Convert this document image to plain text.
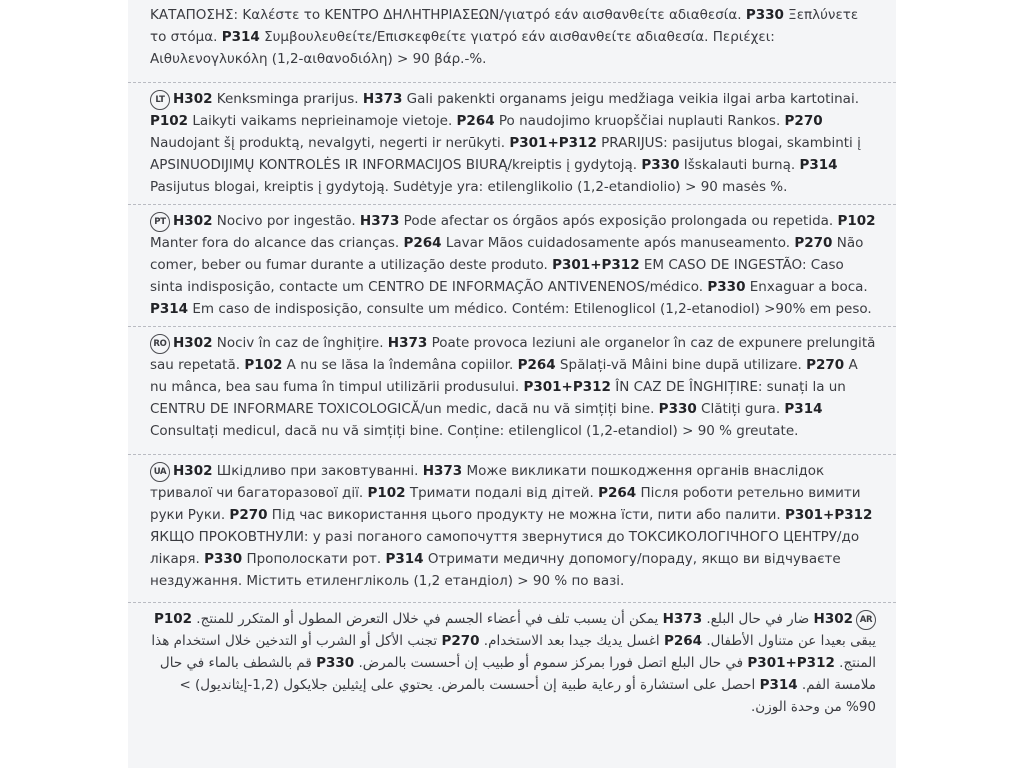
ΚΑΤΑΠΟΣΗΣ: Καλέστε το ΚΕΝΤΡΟ ΔΗΛΗΤΗΡΙΑΣΕΩΝ/γιατρό εάν αισθανθείτε αδιαθεσία. P330 Ξεπλύνετε το στόμα. P314 Συμβουλευθείτε/Επισκεφθείτε γιατρό εάν αισθανθείτε αδιαθεσία. Περιέχει: Αιθυλενογλυκόλη (1,2-αιθανοδιόλη) > 90 βάρ.-%.

LT H302 Kenksminga prarijus. H373 Gali pakenkti organams jeigu medžiaga veikia ilgai arba kartotinai. P102 Laikyti vaikams neprieinamoje vietoje. P264 Po naudojimo kruopščiai nuplauti Rankos. P270 Naudojant šį produktą, nevalgyti, negerti ir nerūkyti. P301+P312 PRARIJUS: pasijutus blogai, skambinti į APSINUODIJIMŲ KONTROLĖS IR INFORMACIJOS BIURĄ/kreiptis į gydytoją. P330 Išskalauti burną. P314 Pasijutus blogai, kreiptis į gydytoją. Sudėtyje yra: etilenglikolio (1,2-etandiolio) > 90 masės %.

PT H302 Nocivo por ingestão. H373 Pode afectar os órgãos após exposição prolongada ou repetida. P102 Manter fora do alcance das crianças. P264 Lavar Mãos cuidadosamente após manuseamento. P270 Não comer, beber ou fumar durante a utilização deste produto. P301+P312 EM CASO DE INGESTÃO: Caso sinta indisposição, contacte um CENTRO DE INFORMAÇÃO ANTIVENENOS/médico. P330 Enxaguar a boca. P314 Em caso de indisposição, consulte um médico. Contém: Etilenoglicol (1,2-etanodiol) >90% em peso.

RO H302 Nociv în caz de înghițire. H373 Poate provoca leziuni ale organelor în caz de expunere prelungită sau repetată. P102 A nu se lăsa la îndemâna copiilor. P264 Spălați-vă Mâini bine după utilizare. P270 A nu mânca, bea sau fuma în timpul utilizării produsului. P301+P312 ÎN CAZ DE ÎNGHIȚIRE: sunați la un CENTRU DE INFORMARE TOXICOLOGICĂ/un medic, dacă nu vă simțiți bine. P330 Clătiți gura. P314 Consultați medicul, dacă nu vă simțiți bine. Conține: etilenglicol (1,2-etandiol) > 90 % greutate.

UA H302 Шкідливо при заковтуванні. H373 Може викликати пошкодження органів внаслідок тривалої чи багаторазової дії. P102 Тримати подалі від дітей. P264 Після роботи ретельно вимити руки Руки. P270 Під час використання цього продукту не можна їсти, пити або палити. P301+P312 ЯКЩО ПРОКОВТНУЛИ: у разі поганого самопочуття звернутися до ТОКСИКОЛОГІЧНОГО ЦЕНТРУ/до лікаря. P330 Прополоскати рот. P314 Отримати медичну допомогу/пораду, якщо ви відчуваєте нездужання. Містить етиленгліколь (1,2 етандіол) > 90 % по вазі.

ARH302 ضار في حال البلع. H373 يمكن أن يسبب تلف في أعضاء الجسم في خلال التعرض المطول أو المتكرر للمنتج. P102 يبقى بعيدا عن متناول الأطفال. P264 اغسل يديك جيدا بعد الاستخدام. P270 تجنب الأكل أو الشرب أو التدخين خلال استخدام هذا المنتج. P301+P312 في حال البلع اتصل فورا بمركز سموم أو طبيب إن أحسست بالمرض. P330 قم بالشطف بالماء في حال ملامسة الفم. P314 احصل على استشارة أو رعاية طبية إن أحسست بالمرض. يحتوي على إيثيلين جلايكول (1,2-إيثانديول) > 90% من وحدة الوزن.
